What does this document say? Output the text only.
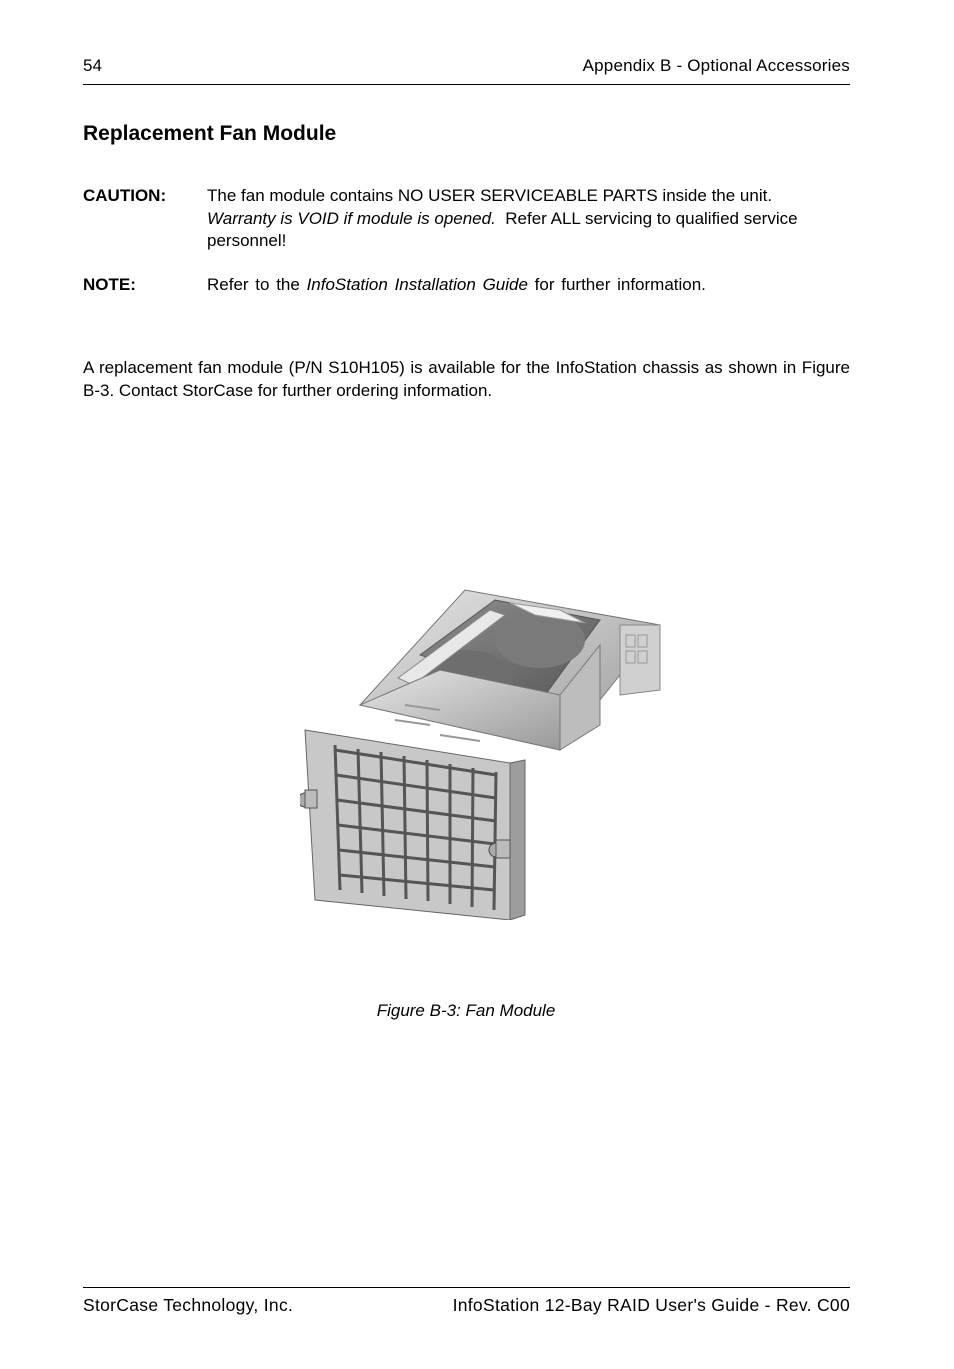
54	Appendix B - Optional Accessories
Replacement Fan Module
CAUTION: The fan module contains NO USER SERVICEABLE PARTS inside the unit.
Warranty is VOID if module is opened. Refer ALL servicing to qualified service personnel!
NOTE:	Refer to the InfoStation Installation Guide for further information.

A replacement fan module (P/N S10H105) is available for the InfoStation chassis as shown in Figure B-3. Contact StorCase for further ordering information.

Figure B-3: Fan Module
StorCase Technology, Inc.	InfoStation 12-Bay RAID User's Guide - Rev. C00
